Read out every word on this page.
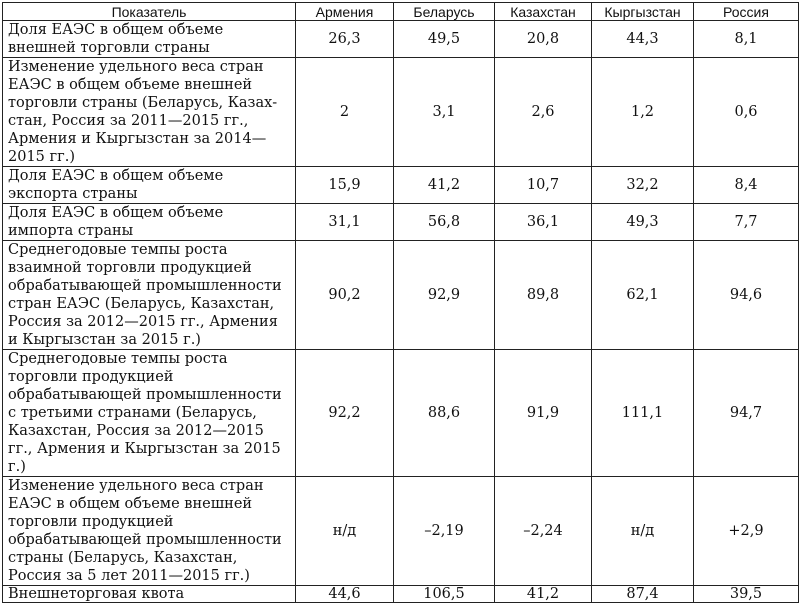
Показатель	Армения	Беларусь	Казахстан	Кыргызстан	Россия
Доля ЕАЭС в общем объеме внешней торговли страны	26,3	49,5	20,8	44,3	8,1
Изменение удельного веса стран ЕАЭС в общем объеме внешней торговли страны (Беларусь, Казахстан, Россия за 2011—2015 гг., Армения и Кыргызстан за 2014—2015 гг.)	2	3,1	2,6	1,2	0,6
Доля ЕАЭС в общем объеме экспорта страны	15,9	41,2	10,7	32,2	8,4
Доля ЕАЭС в общем объеме импорта страны	31,1	56,8	36,1	49,3	7,7
Среднегодовые темпы роста взаимной торговли продукцией обрабатывающей промышленности стран ЕАЭС (Беларусь, Казахстан, Россия за 2012—2015 гг., Армения и Кыргызстан за 2015 г.)	90,2	92,9	89,8	62,1	94,6
Среднегодовые темпы роста торговли продукцией обрабатывающей промышленности с третьими странами (Беларусь, Казахстан, Россия за 2012—2015 гг., Армения и Кыргызстан за 2015 г.)	92,2	88,6	91,9	111,1	94,7
Изменение удельного веса стран ЕАЭС в общем объеме внешней торговли продукцией обрабатывающей промышленности страны (Беларусь, Казахстан, Россия за 5 лет 2011—2015 гг.)	н/д	–2,19	–2,24	н/д	+2,9
Внешнеторговая квота	44,6	106,5	41,2	87,4	39,5
